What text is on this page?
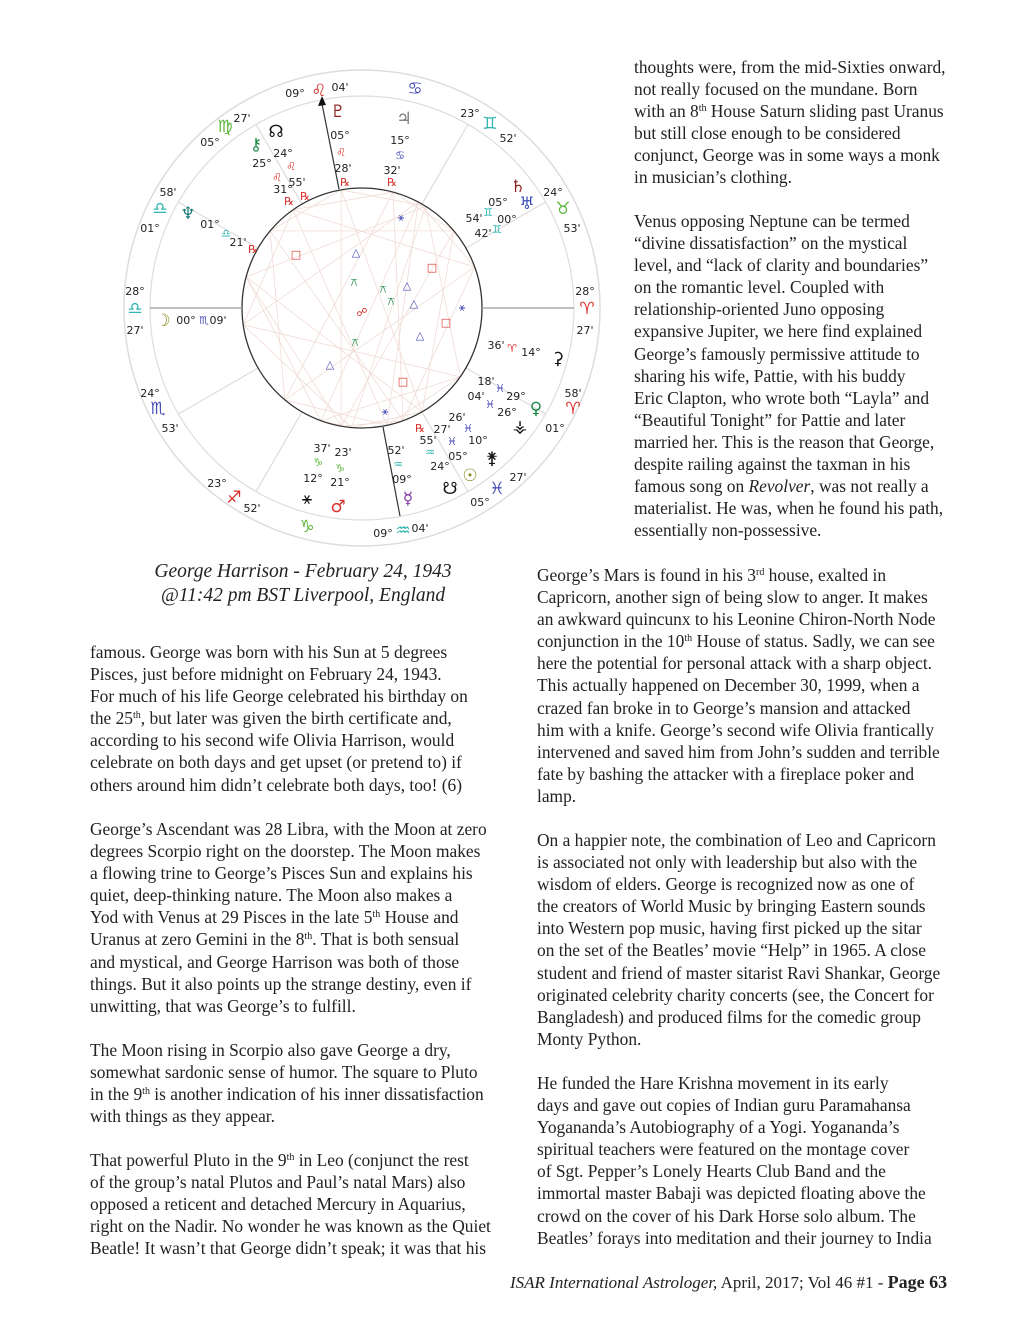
△
△
△
△
△
□
□
□
□
⚹
⚹
⚹
⚻
⚻
⚻
⚻
☍
09° ♌ 04'	♋
23°
♊
52'
27'
♍
05° ⚷
☊
24°
25°
♌
♌
55'
31°
℞ ℞
♇
05°
♌
28'
℞
♃
15°
♋
32'
℞	♄
♅
05°
♊
54' 00°
42' ♊
24°
♉
53'
58'
♎
01°
♆
01°
♎
21'
℞
28°
♎
27' ☽ 00° ♏ 09'
28°
♈
27'
36' ♈ 14° ⚳
24°
♏
53'
18'
♓
29°
04'
♓
26° ♀
58'
♈
01°
⚶
26'
♓
℞ 27'
55' ♓ 10°
♒ 05° ⚵
24° ☉
☋
27'
♓
05°
37' 23'
♑ ♑
12° 21°
52'
♒
09°
☿
23°
♐
52' ⚹ ♂
♑	09° ♒ 04'
George Harrison - February 24, 1943
@11:42 pm BST Liverpool, England
thoughts were, from the mid-Sixties onward,
not really focused on the mundane. Born
with an 8th House Saturn sliding past Uranus
but still close enough to be considered
conjunct, George was in some ways a monk
in musician’s clothing.
Venus opposing Neptune can be termed
“divine dissatisfaction” on the mystical
level, and “lack of clarity and boundaries”
on the romantic level. Coupled with
relationship-oriented Juno opposing
expansive Jupiter, we here find explained
George’s famously permissive attitude to
sharing his wife, Pattie, with his buddy
Eric Clapton, who wrote both “Layla” and
“Beautiful Tonight” for Pattie and later
married her. This is the reason that George,
despite railing against the taxman in his
famous song on Revolver, was not really a
materialist. He was, when he found his path,
essentially non-possessive.
famous. George was born with his Sun at 5 degrees
Pisces, just before midnight on February 24, 1943.
For much of his life George celebrated his birthday on
the 25th, but later was given the birth certificate and,
according to his second wife Olivia Harrison, would
celebrate on both days and get upset (or pretend to) if
others around him didn’t celebrate both days, too! (6)
George’s Ascendant was 28 Libra, with the Moon at zero
degrees Scorpio right on the doorstep. The Moon makes
a flowing trine to George’s Pisces Sun and explains his
quiet, deep-thinking nature. The Moon also makes a
Yod with Venus at 29 Pisces in the late 5th House and
Uranus at zero Gemini in the 8th. That is both sensual
and mystical, and George Harrison was both of those
things. But it also points up the strange destiny, even if
unwitting, that was George’s to fulfill.
The Moon rising in Scorpio also gave George a dry,
somewhat sardonic sense of humor. The square to Pluto
in the 9th is another indication of his inner dissatisfaction
with things as they appear.
That powerful Pluto in the 9th in Leo (conjunct the rest
of the group’s natal Plutos and Paul’s natal Mars) also
opposed a reticent and detached Mercury in Aquarius,
right on the Nadir. No wonder he was known as the Quiet
Beatle! It wasn’t that George didn’t speak; it was that his
George’s Mars is found in his 3rd house, exalted in
Capricorn, another sign of being slow to anger. It makes
an awkward quincunx to his Leonine Chiron-North Node
conjunction in the 10th House of status. Sadly, we can see
here the potential for personal attack with a sharp object.
This actually happened on December 30, 1999, when a
crazed fan broke in to George’s mansion and attacked
him with a knife. George’s second wife Olivia frantically
intervened and saved him from John’s sudden and terrible
fate by bashing the attacker with a fireplace poker and
lamp.
On a happier note, the combination of Leo and Capricorn
is associated not only with leadership but also with the
wisdom of elders. George is recognized now as one of
the creators of World Music by bringing Eastern sounds
into Western pop music, having first picked up the sitar
on the set of the Beatles’ movie “Help” in 1965. A close
student and friend of master sitarist Ravi Shankar, George
originated celebrity charity concerts (see, the Concert for
Bangladesh) and produced films for the comedic group
Monty Python.
He funded the Hare Krishna movement in its early
days and gave out copies of Indian guru Paramahansa
Yogananda’s Autobiography of a Yogi. Yogananda’s
spiritual teachers were featured on the montage cover
of Sgt. Pepper’s Lonely Hearts Club Band and the
immortal master Babaji was depicted floating above the
crowd on the cover of his Dark Horse solo album. The
Beatles’ forays into meditation and their journey to India
ISAR International Astrologer, April, 2017; Vol 46 #1 - Page 63
